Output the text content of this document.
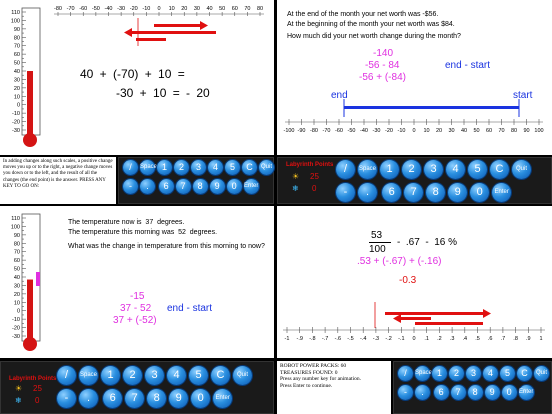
110
100
90
80
70
60
50
40
30
20
10
0
-10
-20
-30
-80 -70 -60 -50 -40 -30 -20 -10 0 10 20 30 40 50 60 70 80
40 + (-70) + 10 =
-30 + 10 = - 20
At the end of the month your net worth was -$56.
At the beginning of the month your net worth was $84.
How much did your net worth change during the month?
-140
-56 - 84
-56 + (-84)
end - start
end	start
-100 -90 -80 -70 -60 -50 -40 -30 -20 -10 0 10 20 30 40 50 60 70 80 90 100
In adding changes along such scales, a positive change moves you up or to the right, a negative change moves you down or to the left, and the result of all the changes (the end point) is the answer. PRESS ANY KEY TO GO ON:
/	Space 1	2	3	4	5	C	Quit
-	.	6	7	8	9	0	Enter
Labyrinth Points
☀ 25
❄ 0
/	Space 1	2	3	4	5	C	Quit
-	.	6	7	8	9	0	Enter
110
100
90
80
70
60
50
40
30
20
10
0
-10
-20
-30
The temperature now is  37  degrees.
The temperature this morning was  52  degrees.
What was the change in temperature from this morning to now?
-15
37 - 52
37 + (-52)
end - start
53
100
-  .67  -  16 %
.53 + (-.67) + (-.16)
-0.3
-1 -.9 -.8 -.7 -.6 -.5 -.4 -.3 -.2 -.1 0 .1 .2 .3 .4 .5 .6 .7 .8 .9 1
Labyrinth Points
☀ 25
❄ 0
/	Space 1	2	3	4	5	C	Quit
-	.	6	7	8	9	0	Enter
ROBOT POWER PACKS: 60
TREASURES FOUND: 0
Press any number key for animation.
Press Enter to continue.
/	Space 1	2	3	4	5	C	Quit
-	.	6	7	8	9	0	Enter
